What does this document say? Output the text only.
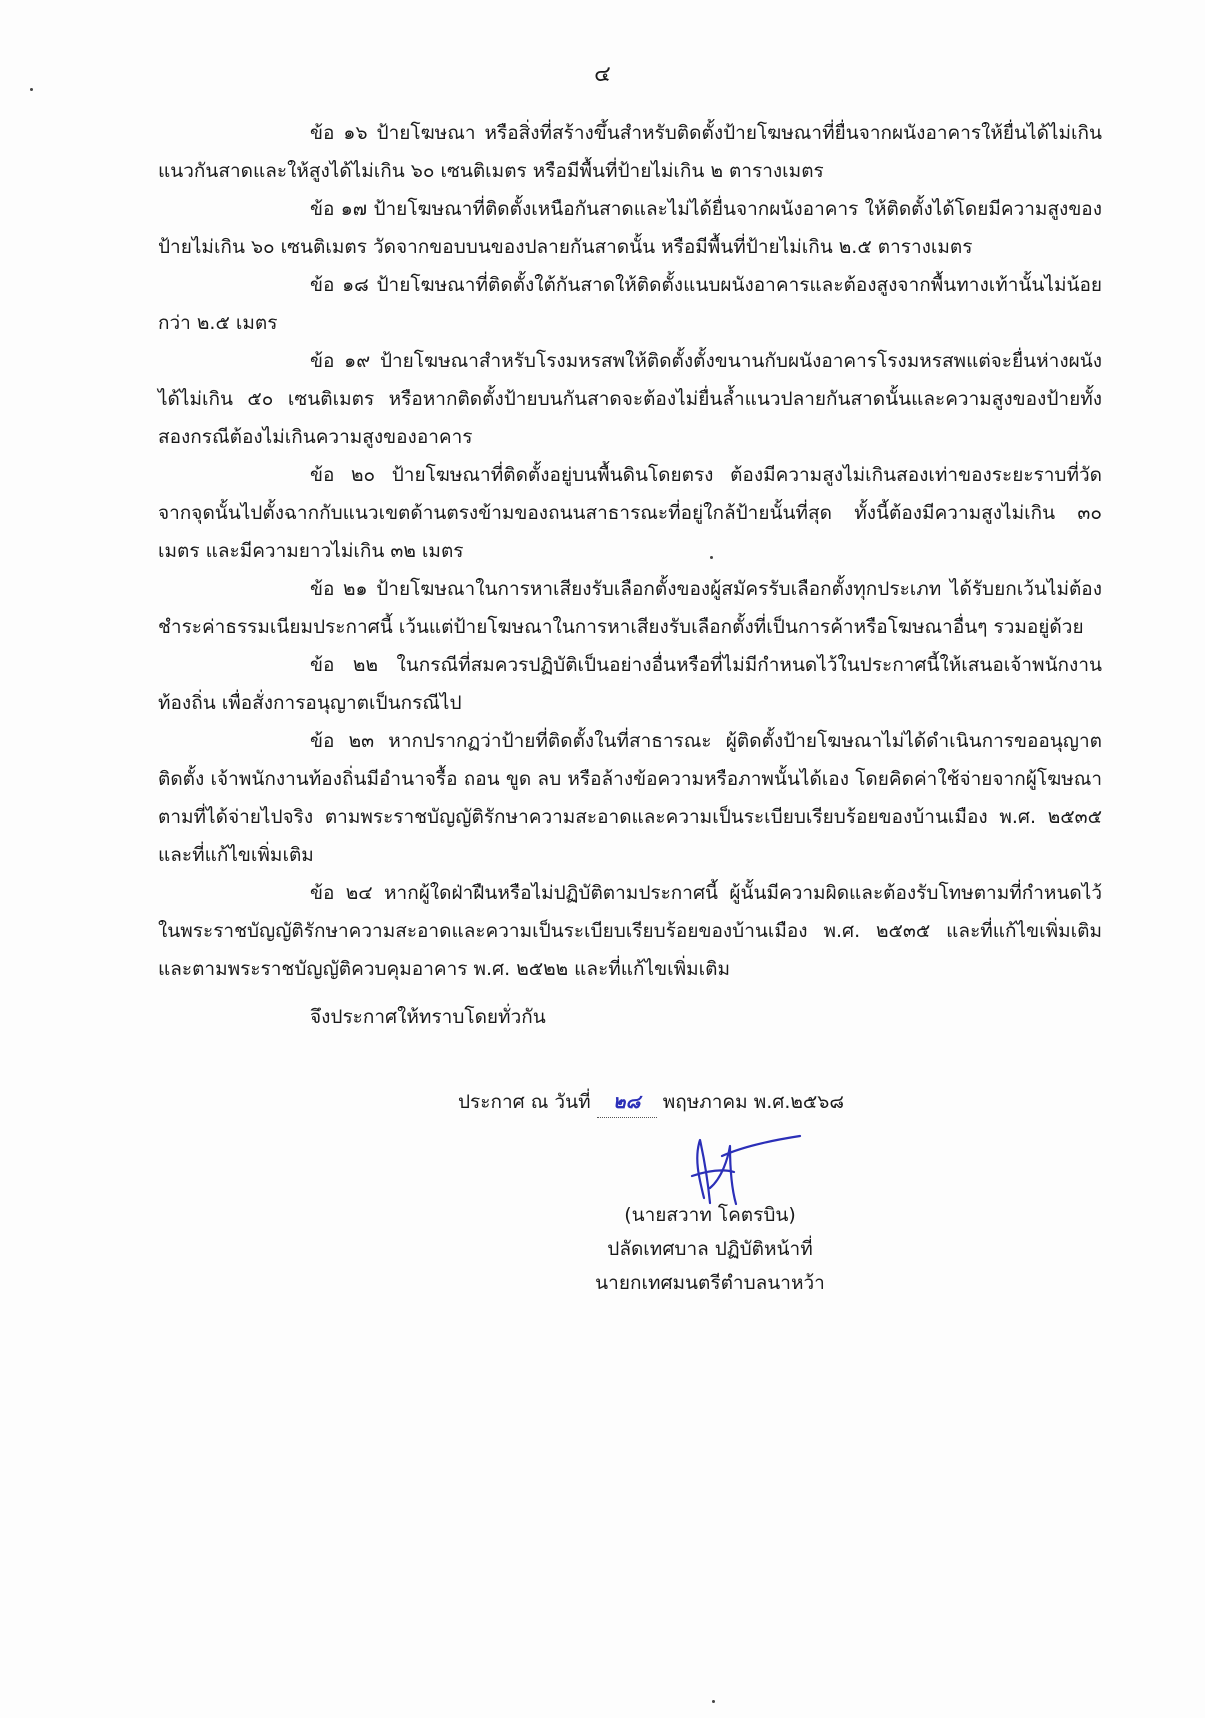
๔

ข้อ ๑๖ ป้ายโฆษณา หรือสิ่งที่สร้างขึ้นสำหรับติดตั้งป้ายโฆษณาที่ยื่นจากผนังอาคารให้ยื่นได้ไม่เกินแนวกันสาดและให้สูงได้ไม่เกิน ๖๐ เซนติเมตร หรือมีพื้นที่ป้ายไม่เกิน ๒ ตารางเมตร

ข้อ ๑๗ ป้ายโฆษณาที่ติดตั้งเหนือกันสาดและไม่ได้ยื่นจากผนังอาคาร ให้ติดตั้งได้โดยมีความสูงของป้ายไม่เกิน ๖๐ เซนติเมตร วัดจากขอบบนของปลายกันสาดนั้น หรือมีพื้นที่ป้ายไม่เกิน ๒.๕ ตารางเมตร

ข้อ ๑๘ ป้ายโฆษณาที่ติดตั้งใต้กันสาดให้ติดตั้งแนบผนังอาคารและต้องสูงจากพื้นทางเท้านั้นไม่น้อยกว่า ๒.๕ เมตร

ข้อ ๑๙ ป้ายโฆษณาสำหรับโรงมหรสพให้ติดตั้งตั้งขนานกับผนังอาคารโรงมหรสพแต่จะยื่นห่างผนังได้ไม่เกิน ๕๐ เซนติเมตร หรือหากติดตั้งป้ายบนกันสาดจะต้องไม่ยื่นล้ำแนวปลายกันสาดนั้นและความสูงของป้ายทั้งสองกรณีต้องไม่เกินความสูงของอาคาร

ข้อ ๒๐ ป้ายโฆษณาที่ติดตั้งอยู่บนพื้นดินโดยตรง ต้องมีความสูงไม่เกินสองเท่าของระยะราบที่วัดจากจุดนั้นไปตั้งฉากกับแนวเขตด้านตรงข้ามของถนนสาธารณะที่อยู่ใกล้ป้ายนั้นที่สุด ทั้งนี้ต้องมีความสูงไม่เกิน ๓๐ เมตร และมีความยาวไม่เกิน ๓๒ เมตร

ข้อ ๒๑ ป้ายโฆษณาในการหาเสียงรับเลือกตั้งของผู้สมัครรับเลือกตั้งทุกประเภท ได้รับยกเว้นไม่ต้องชำระค่าธรรมเนียมประกาศนี้ เว้นแต่ป้ายโฆษณาในการหาเสียงรับเลือกตั้งที่เป็นการค้าหรือโฆษณาอื่นๆ รวมอยู่ด้วย

ข้อ ๒๒ ในกรณีที่สมควรปฏิบัติเป็นอย่างอื่นหรือที่ไม่มีกำหนดไว้ในประกาศนี้ให้เสนอเจ้าพนักงานท้องถิ่น เพื่อสั่งการอนุญาตเป็นกรณีไป

ข้อ ๒๓ หากปรากฏว่าป้ายที่ติดตั้งในที่สาธารณะ ผู้ติดตั้งป้ายโฆษณาไม่ได้ดำเนินการขออนุญาตติดตั้ง เจ้าพนักงานท้องถิ่นมีอำนาจรื้อ ถอน ขูด ลบ หรือล้างข้อความหรือภาพนั้นได้เอง โดยคิดค่าใช้จ่ายจากผู้โฆษณา ตามที่ได้จ่ายไปจริง ตามพระราชบัญญัติรักษาความสะอาดและความเป็นระเบียบเรียบร้อยของบ้านเมือง พ.ศ. ๒๕๓๕ และที่แก้ไขเพิ่มเติม

ข้อ ๒๔ หากผู้ใดฝ่าฝืนหรือไม่ปฏิบัติตามประกาศนี้ ผู้นั้นมีความผิดและต้องรับโทษตามที่กำหนดไว้ในพระราชบัญญัติรักษาความสะอาดและความเป็นระเบียบเรียบร้อยของบ้านเมือง พ.ศ. ๒๕๓๕ และที่แก้ไขเพิ่มเติม และตามพระราชบัญญัติควบคุมอาคาร พ.ศ. ๒๕๒๒ และที่แก้ไขเพิ่มเติม

จึงประกาศให้ทราบโดยทั่วกัน

ประกาศ ณ วันที่ ๒๘ พฤษภาคม พ.ศ.๒๕๖๘
(นายสวาท โคตรบิน)
ปลัดเทศบาล ปฏิบัติหน้าที่
นายกเทศมนตรีตำบลนาหว้า
